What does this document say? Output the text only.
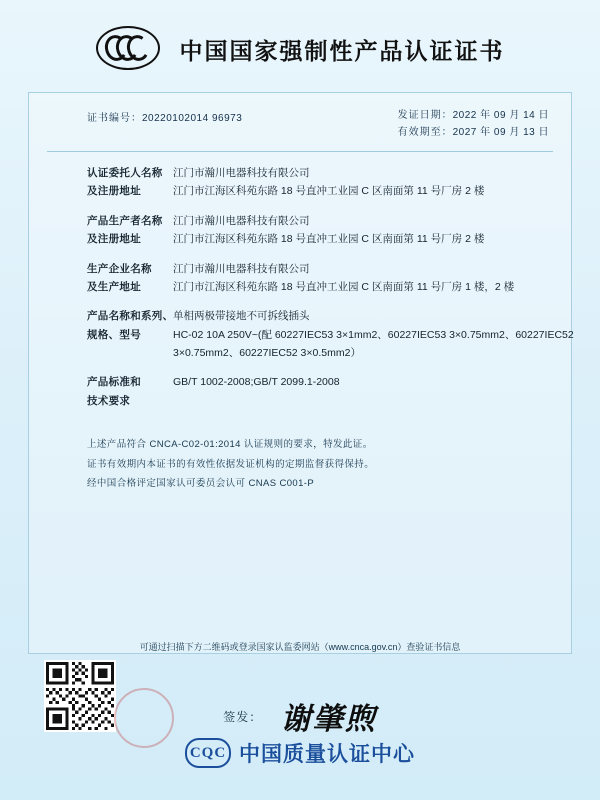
中国国家强制性产品认证证书
证书编号：20220102014 96973	发证日期：2022 年 09 月 14 日
有效期至：2027 年 09 月 13 日
认证委托人名称
及注册地址
江门市瀚川电器科技有限公司
江门市江海区科苑东路 18 号直冲工业园 C 区南面第 11 号厂房 2 楼
产品生产者名称
及注册地址
江门市瀚川电器科技有限公司
江门市江海区科苑东路 18 号直冲工业园 C 区南面第 11 号厂房 2 楼
生产企业名称
及生产地址
江门市瀚川电器科技有限公司
江门市江海区科苑东路 18 号直冲工业园 C 区南面第 11 号厂房 1 楼，2 楼
产品名称和系列、
规格、型号
单相两极带接地不可拆线插头
HC-02 10A 250V~(配 60227IEC53 3×1mm2、60227IEC53 3×0.75mm2、60227IEC52
3×0.75mm2、60227IEC52 3×0.5mm2）
产品标准和
技术要求
GB/T 1002-2008;GB/T 2099.1-2008
上述产品符合 CNCA-C02-01:2014 认证规则的要求，特发此证。
证书有效期内本证书的有效性依据发证机构的定期监督获得保持。
经中国合格评定国家认可委员会认可 CNAS C001-P
可通过扫描下方二维码或登录国家认监委网站（www.cnca.gov.cn）查验证书信息
签发： 谢肇煦
CQC 中国质量认证中心
